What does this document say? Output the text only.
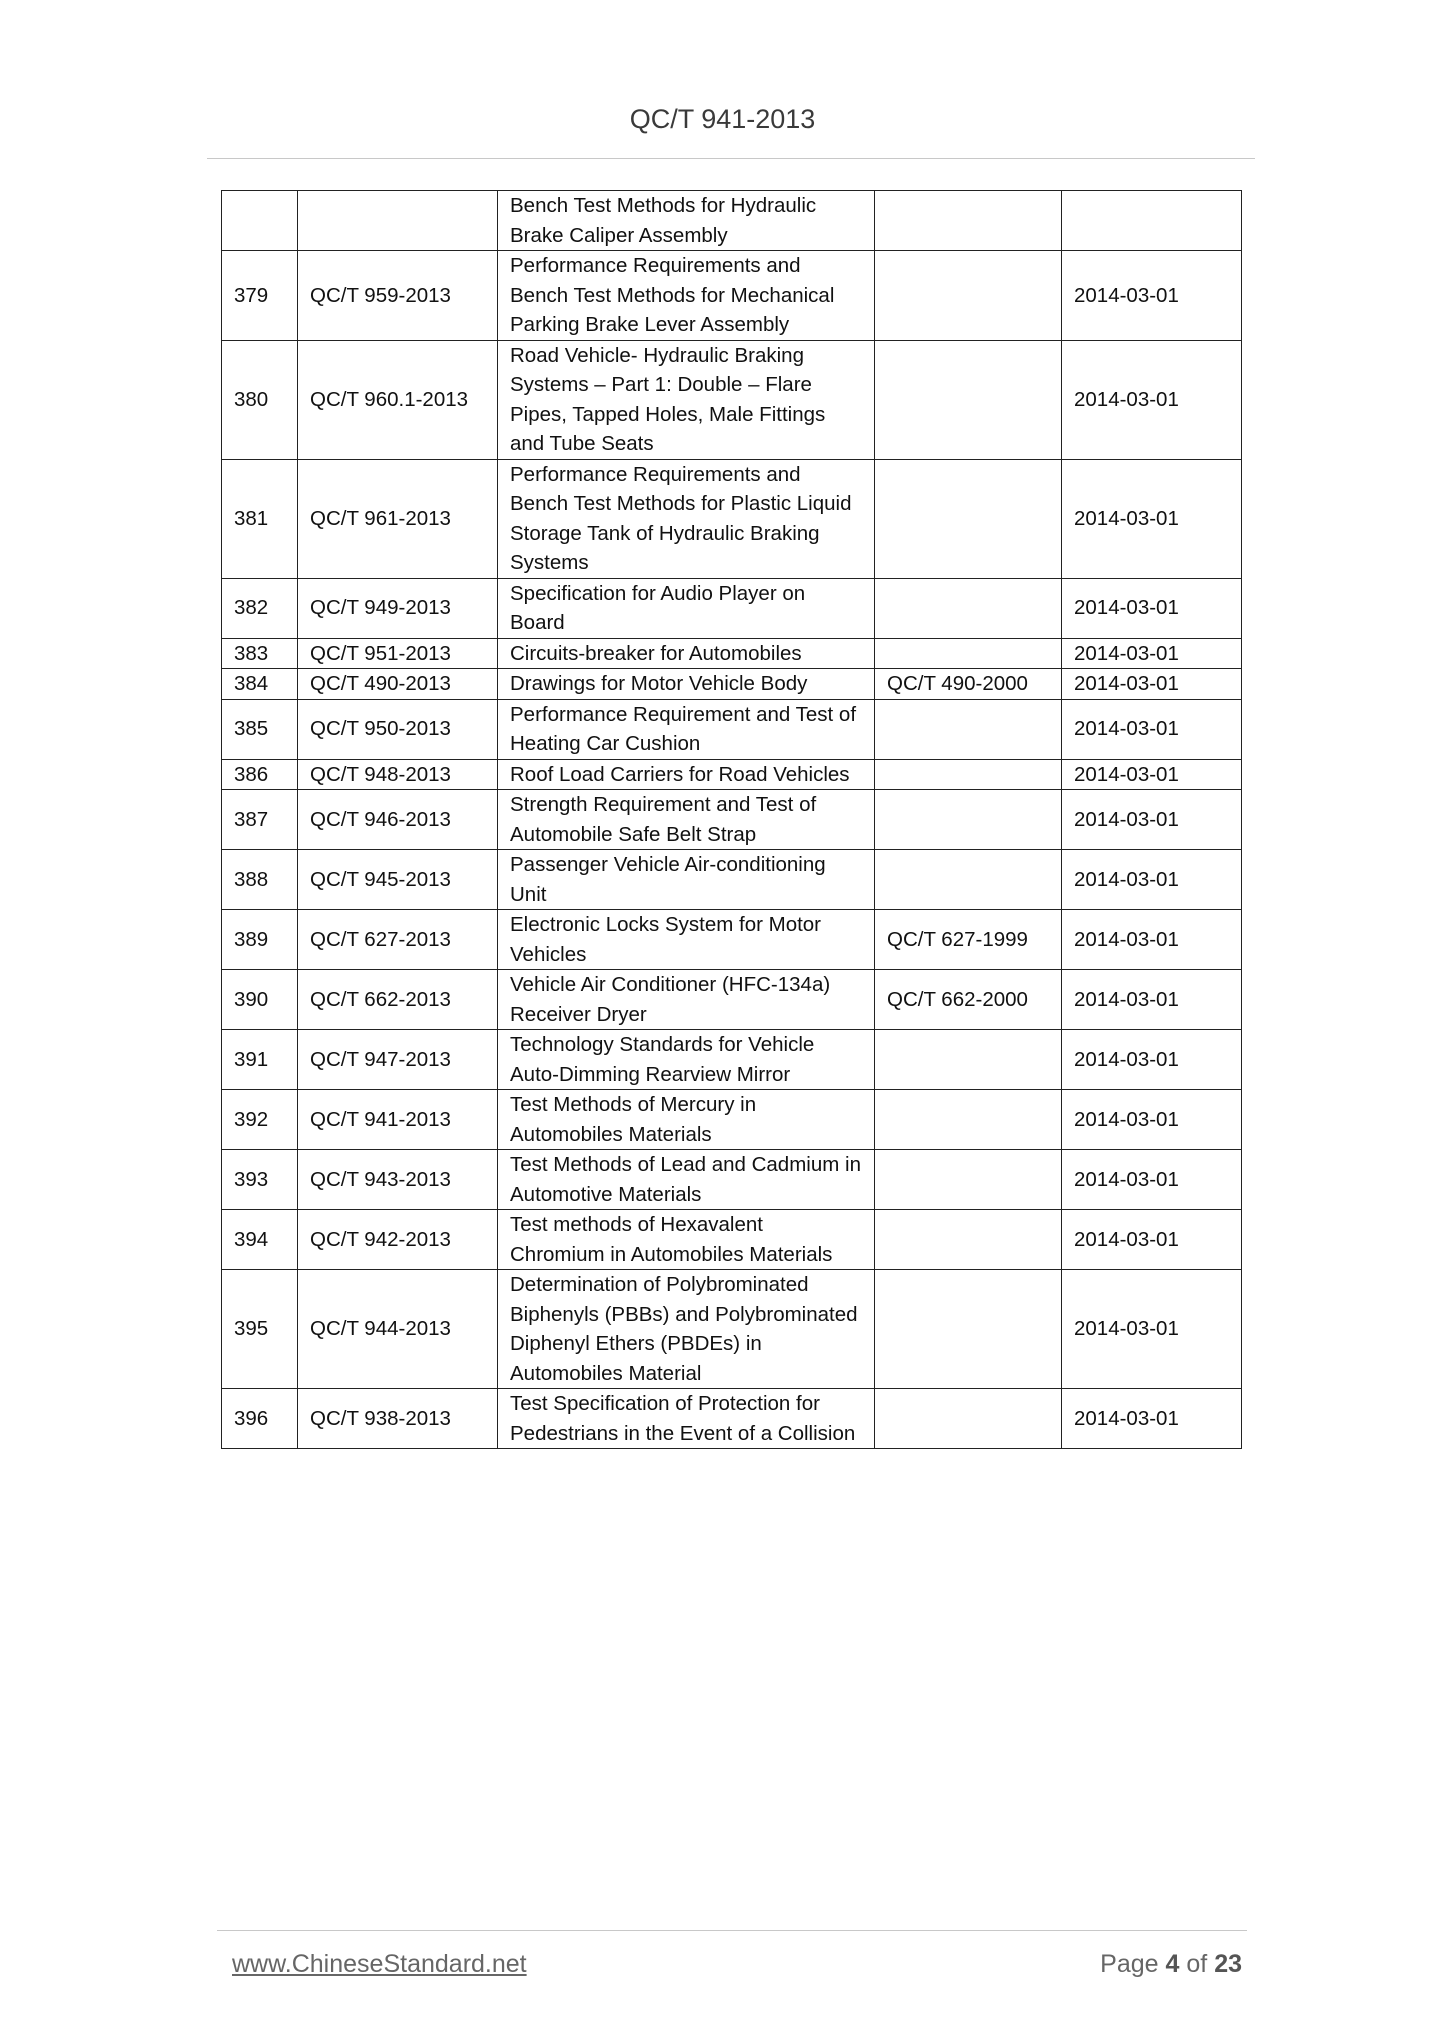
QC/T 941-2013
		Bench Test Methods for Hydraulic Brake Caliper Assembly		
379	QC/T 959-2013	Performance Requirements and Bench Test Methods for Mechanical Parking Brake Lever Assembly		2014-03-01
380	QC/T 960.1-2013	Road Vehicle- Hydraulic Braking Systems – Part 1: Double – Flare Pipes, Tapped Holes, Male Fittings and Tube Seats		2014-03-01
381	QC/T 961-2013	Performance Requirements and Bench Test Methods for Plastic Liquid Storage Tank of Hydraulic Braking Systems		2014-03-01
382	QC/T 949-2013	Specification for Audio Player on Board		2014-03-01
383	QC/T 951-2013	Circuits-breaker for Automobiles		2014-03-01
384	QC/T 490-2013	Drawings for Motor Vehicle Body	QC/T 490-2000	2014-03-01
385	QC/T 950-2013	Performance Requirement and Test of Heating Car Cushion		2014-03-01
386	QC/T 948-2013	Roof Load Carriers for Road Vehicles		2014-03-01
387	QC/T 946-2013	Strength Requirement and Test of Automobile Safe Belt Strap		2014-03-01
388	QC/T 945-2013	Passenger Vehicle Air-conditioning Unit		2014-03-01
389	QC/T 627-2013	Electronic Locks System for Motor Vehicles	QC/T 627-1999	2014-03-01
390	QC/T 662-2013	Vehicle Air Conditioner (HFC-134a) Receiver Dryer	QC/T 662-2000	2014-03-01
391	QC/T 947-2013	Technology Standards for Vehicle Auto-Dimming Rearview Mirror		2014-03-01
392	QC/T 941-2013	Test Methods of Mercury in Automobiles Materials		2014-03-01
393	QC/T 943-2013	Test Methods of Lead and Cadmium in Automotive Materials		2014-03-01
394	QC/T 942-2013	Test methods of Hexavalent Chromium in Automobiles Materials		2014-03-01
395	QC/T 944-2013	Determination of Polybrominated Biphenyls (PBBs) and Polybrominated Diphenyl Ethers (PBDEs) in Automobiles Material		2014-03-01
396	QC/T 938-2013	Test Specification of Protection for Pedestrians in the Event of a Collision		2014-03-01
www.ChineseStandard.net	Page 4 of 23
